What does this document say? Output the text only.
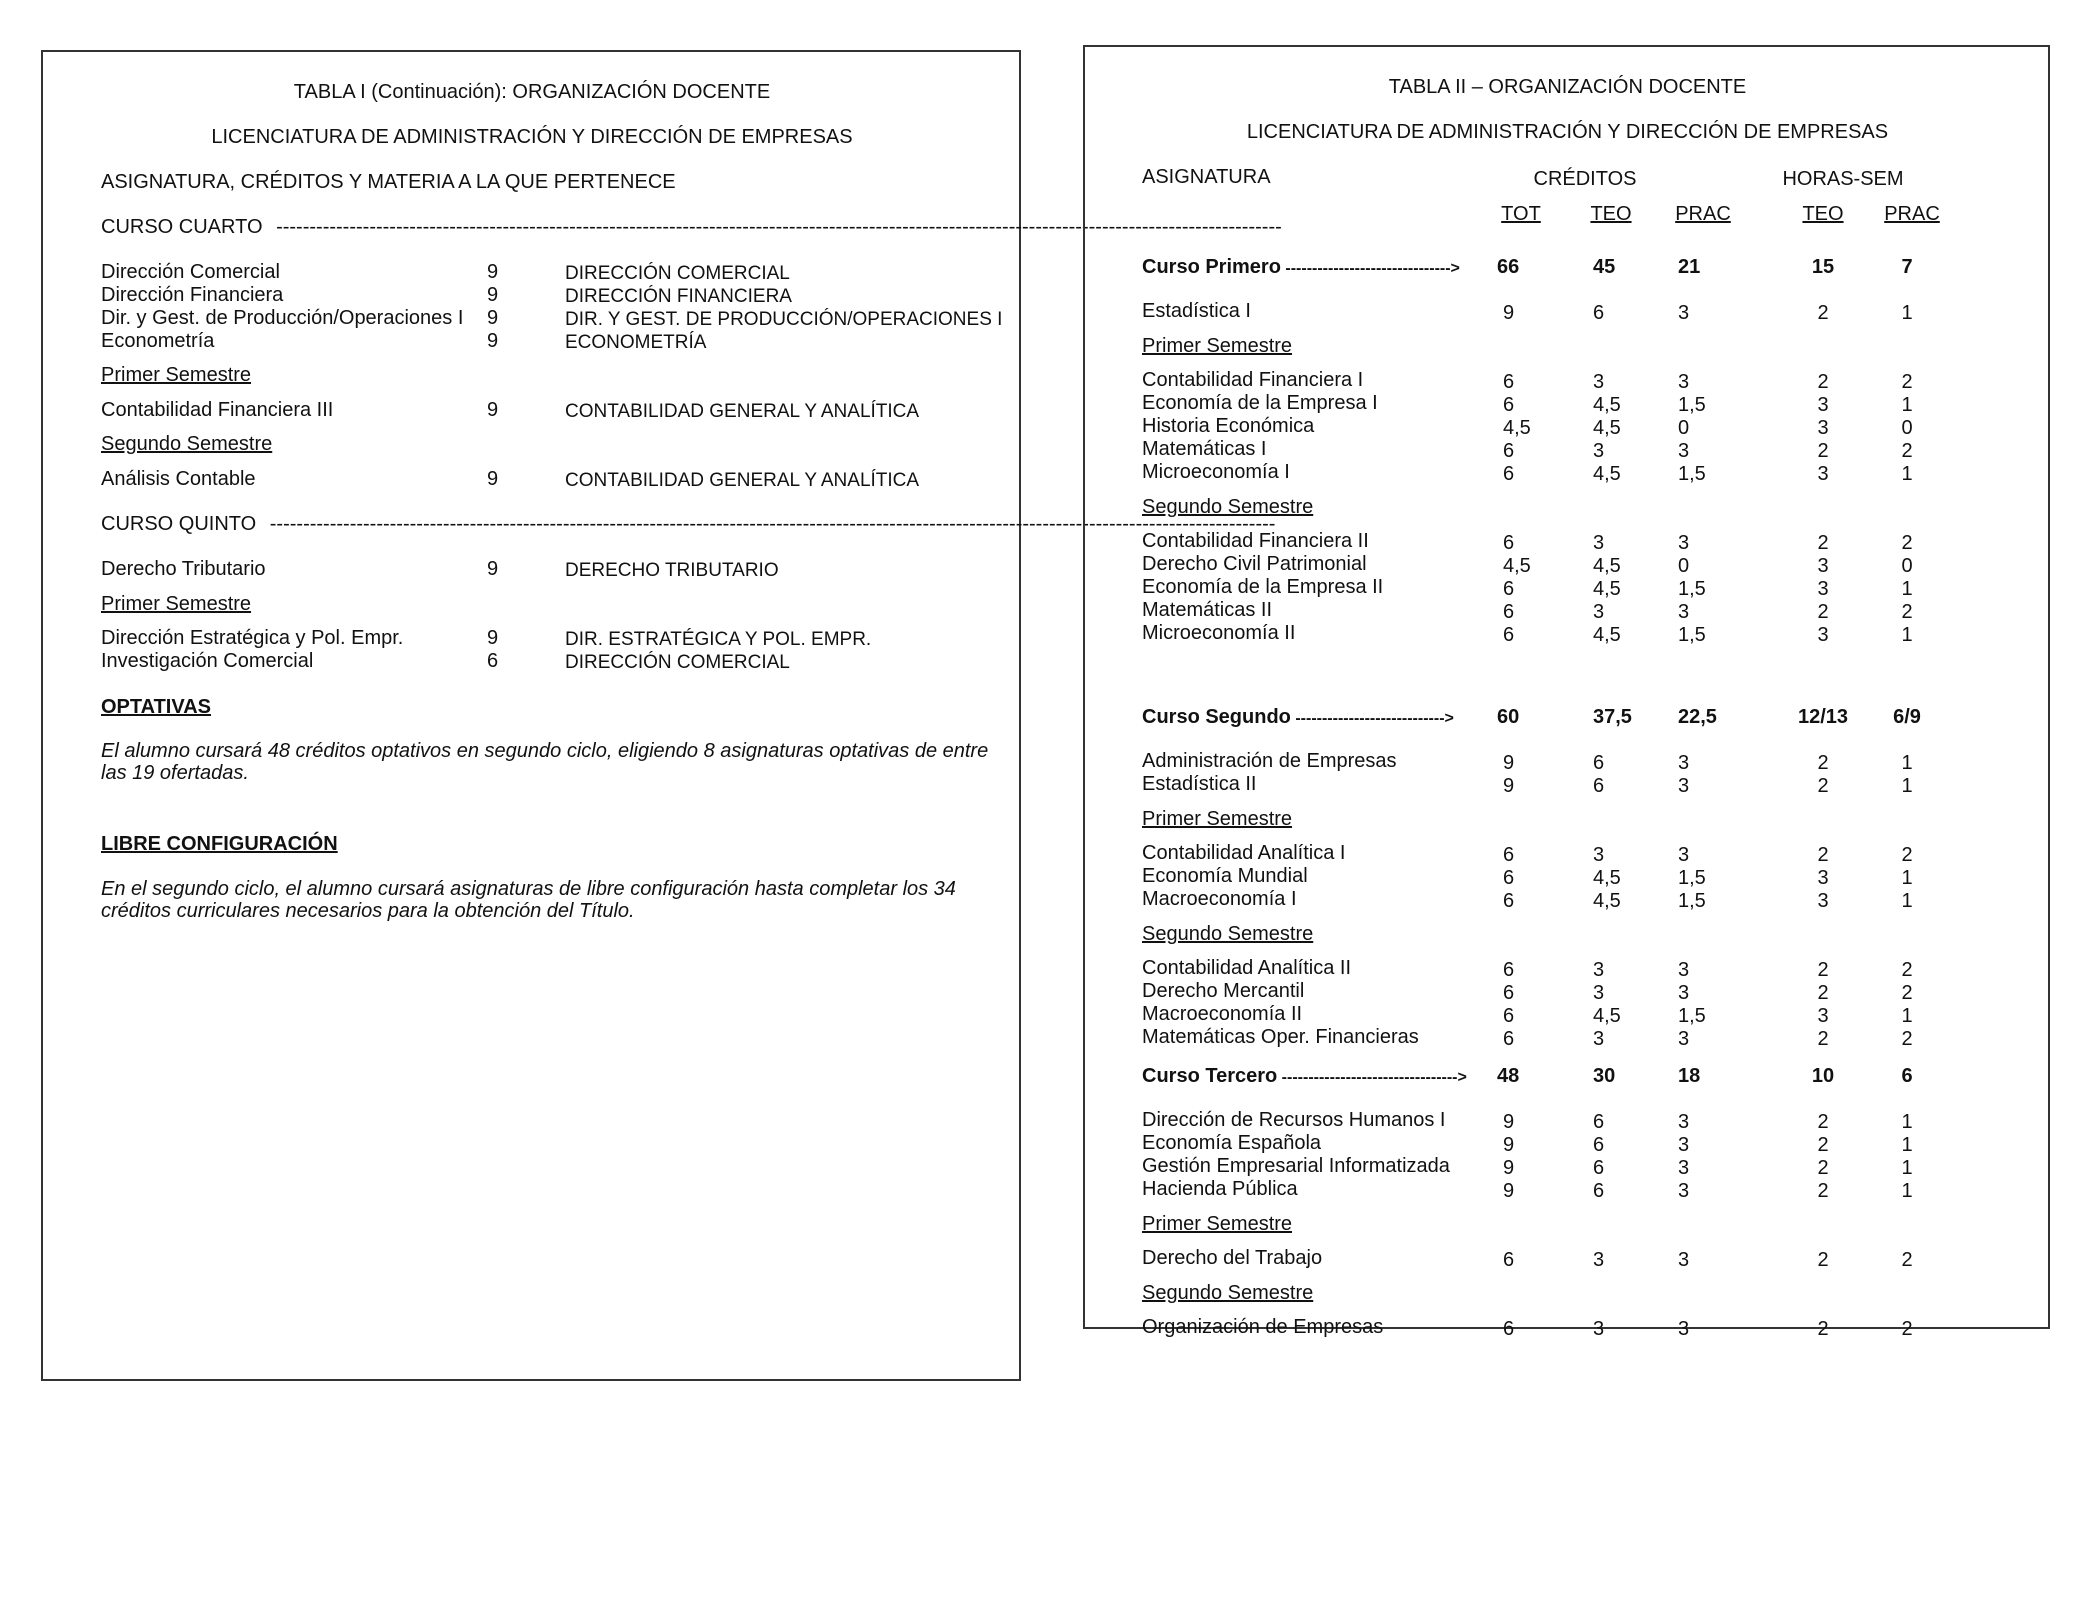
TABLA I (Continuación): ORGANIZACIÓN DOCENTE
LICENCIATURA DE ADMINISTRACIÓN Y DIRECCIÓN DE EMPRESAS
ASIGNATURA, CRÉDITOS Y MATERIA A LA QUE PERTENECE
CURSO CUARTO -------------------------------------------------------------------------------------------------------------------------------------------------------
Dirección Comercial	9	DIRECCIÓN COMERCIAL
Dirección Financiera	9	DIRECCIÓN FINANCIERA
Dir. y Gest. de Producción/Operaciones I 9	DIR. Y GEST. DE PRODUCCIÓN/OPERACIONES I
Econometría	9	ECONOMETRÍA
Primer Semestre
Contabilidad Financiera III	9	CONTABILIDAD GENERAL Y ANALÍTICA
Segundo Semestre
Análisis Contable	9	CONTABILIDAD GENERAL Y ANALÍTICA
CURSO QUINTO -------------------------------------------------------------------------------------------------------------------------------------------------------
Derecho Tributario	9	DERECHO TRIBUTARIO
Primer Semestre
Dirección Estratégica y Pol. Empr.	9	DIR. ESTRATÉGICA Y POL. EMPR.
Investigación Comercial	6	DIRECCIÓN COMERCIAL
OPTATIVAS
El alumno cursará 48 créditos optativos en segundo ciclo, eligiendo 8 asignaturas optativas de entre las 19 ofertadas.
LIBRE CONFIGURACIÓN
En el segundo ciclo, el alumno cursará asignaturas de libre configuración hasta completar los 34 créditos curriculares necesarios para la obtención del Título.
TABLA II – ORGANIZACIÓN DOCENTE
LICENCIATURA DE ADMINISTRACIÓN Y DIRECCIÓN DE EMPRESAS
ASIGNATURA	CRÉDITOS	HORAS-SEM
TOT	TEO	PRAC	TEO	PRAC
Curso Primero -------------------------------> 66	45	21	15	7
Estadística I	9	6	3	2	1
Primer Semestre
Contabilidad Financiera I	6	3	3	2	2
Economía de la Empresa I	6	4,5	1,5	3	1
Historia Económica	4,5	4,5	0	3	0
Matemáticas I	6	3	3	2	2
Microeconomía I	6	4,5	1,5	3	1
Segundo Semestre
Contabilidad Financiera II	6	3	3	2	2
Derecho Civil Patrimonial	4,5	4,5	0	3	0
Economía de la Empresa II	6	4,5	1,5	3	1
Matemáticas II	6	3	3	2	2
Microeconomía II	6	4,5	1,5	3	1
Curso Segundo ----------------------------> 60	37,5	22,5	12/13	6/9
Administración de Empresas	9	6	3	2	1
Estadística II	9	6	3	2	1
Primer Semestre
Contabilidad Analítica I	6	3	3	2	2
Economía Mundial	6	4,5	1,5	3	1
Macroeconomía I	6	4,5	1,5	3	1
Segundo Semestre
Contabilidad Analítica II	6	3	3	2	2
Derecho Mercantil	6	3	3	2	2
Macroeconomía II	6	4,5	1,5	3	1
Matemáticas Oper. Financieras	6	3	3	2	2
Curso Tercero ---------------------------------> 48	30	18	10	6
Dirección de Recursos Humanos I	9	6	3	2	1
Economía Española	9	6	3	2	1
Gestión Empresarial Informatizada	9	6	3	2	1
Hacienda Pública	9	6	3	2	1
Primer Semestre
Derecho del Trabajo	6	3	3	2	2
Segundo Semestre
Organización de Empresas	6	3	3	2	2
